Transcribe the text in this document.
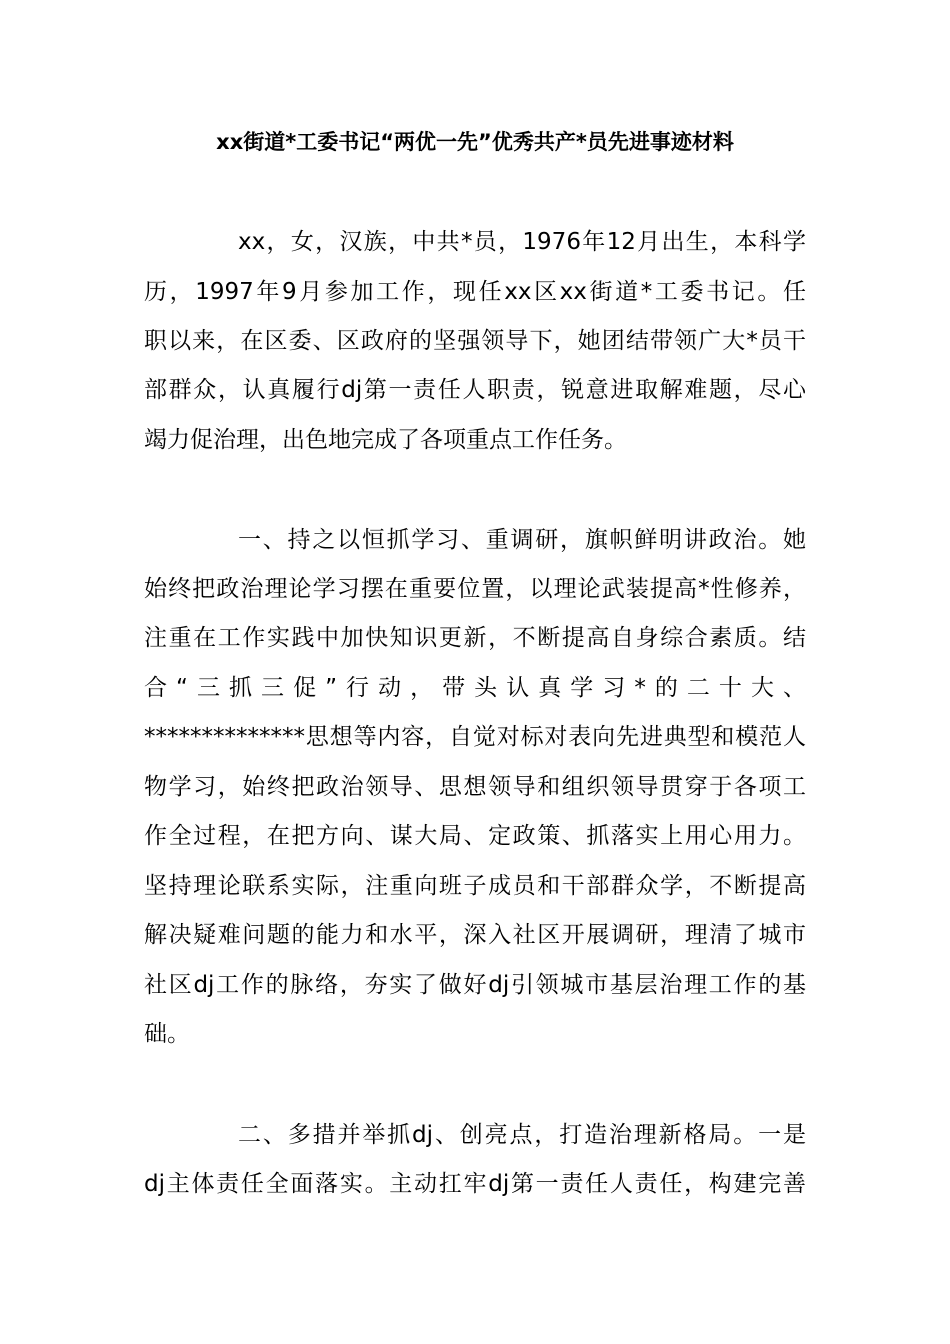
xx街道*工委书记“两优一先”优秀共产*员先进事迹材料
xx，女，汉族，中共*员，1976年12月出生，本科学
历，1997年9月参加工作，现任xx区xx街道*工委书记。任
职以来，在区委、区政府的坚强领导下，她团结带领广大*员干
部群众，认真履行dj第一责任人职责，锐意进取解难题，尽心
竭力促治理，出色地完成了各项重点工作任务。
一、持之以恒抓学习、重调研，旗帜鲜明讲政治。她
始终把政治理论学习摆在重要位置，以理论武装提高*性修养，
注重在工作实践中加快知识更新，不断提高自身综合素质。结
合“三抓三促”行动，带头认真学习*的二十大、
**************思想等内容，自觉对标对表向先进典型和模范人
物学习，始终把政治领导、思想领导和组织领导贯穿于各项工
作全过程，在把方向、谋大局、定政策、抓落实上用心用力。
坚持理论联系实际，注重向班子成员和干部群众学，不断提高
解决疑难问题的能力和水平，深入社区开展调研，理清了城市
社区dj工作的脉络，夯实了做好dj引领城市基层治理工作的基
础。
二、多措并举抓dj、创亮点，打造治理新格局。一是
dj主体责任全面落实。主动扛牢dj第一责任人责任，构建完善
